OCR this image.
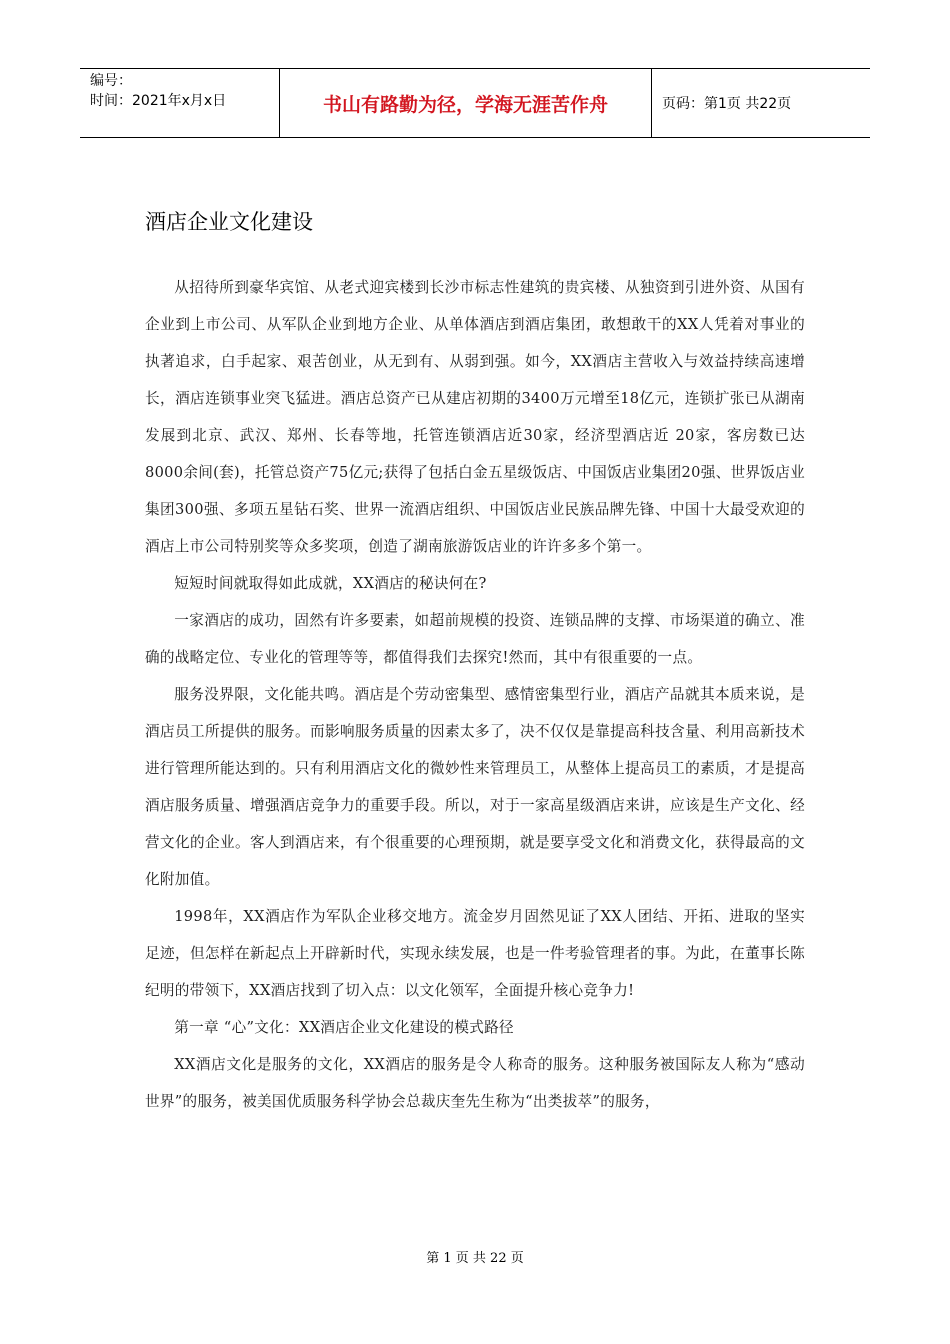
编号：
时间：2021年x月x日	书山有路勤为径，学海无涯苦作舟	页码：第1页 共22页
酒店企业文化建设

从招待所到豪华宾馆、从老式迎宾楼到长沙市标志性建筑的贵宾楼、从独资到引进外资、从国有企业到上市公司、从军队企业到地方企业、从单体酒店到酒店集团，敢想敢干的XX人凭着对事业的执著追求，白手起家、艰苦创业，从无到有、从弱到强。如今，XX酒店主营收入与效益持续高速增长，酒店连锁事业突飞猛进。酒店总资产已从建店初期的3400万元增至18亿元，连锁扩张已从湖南发展到北京、武汉、郑州、长春等地，托管连锁酒店近30家，经济型酒店近 20家，客房数已达8000余间(套)，托管总资产75亿元;获得了包括白金五星级饭店、中国饭店业集团20强、世界饭店业集团300强、多项五星钻石奖、世界一流酒店组织、中国饭店业民族品牌先锋、中国十大最受欢迎的酒店上市公司特别奖等众多奖项，创造了湖南旅游饭店业的许许多多个第一。

短短时间就取得如此成就，XX酒店的秘诀何在?

一家酒店的成功，固然有许多要素，如超前规模的投资、连锁品牌的支撑、市场渠道的确立、准确的战略定位、专业化的管理等等，都值得我们去探究!然而，其中有很重要的一点。

服务没界限，文化能共鸣。酒店是个劳动密集型、感情密集型行业，酒店产品就其本质来说，是酒店员工所提供的服务。而影响服务质量的因素太多了，决不仅仅是靠提高科技含量、利用高新技术进行管理所能达到的。只有利用酒店文化的微妙性来管理员工，从整体上提高员工的素质，才是提高酒店服务质量、增强酒店竞争力的重要手段。所以，对于一家高星级酒店来讲，应该是生产文化、经营文化的企业。客人到酒店来，有个很重要的心理预期，就是要享受文化和消费文化，获得最高的文化附加值。

1998年，XX酒店作为军队企业移交地方。流金岁月固然见证了XX人团结、开拓、进取的坚实足迹，但怎样在新起点上开辟新时代，实现永续发展，也是一件考验管理者的事。为此，在董事长陈纪明的带领下，XX酒店找到了切入点：以文化领军，全面提升核心竞争力!

第一章 “心”文化：XX酒店企业文化建设的模式路径

XX酒店文化是服务的文化，XX酒店的服务是令人称奇的服务。这种服务被国际友人称为“感动世界”的服务，被美国优质服务科学协会总裁庆奎先生称为“出类拔萃”的服务，

第 1 页 共 22 页
